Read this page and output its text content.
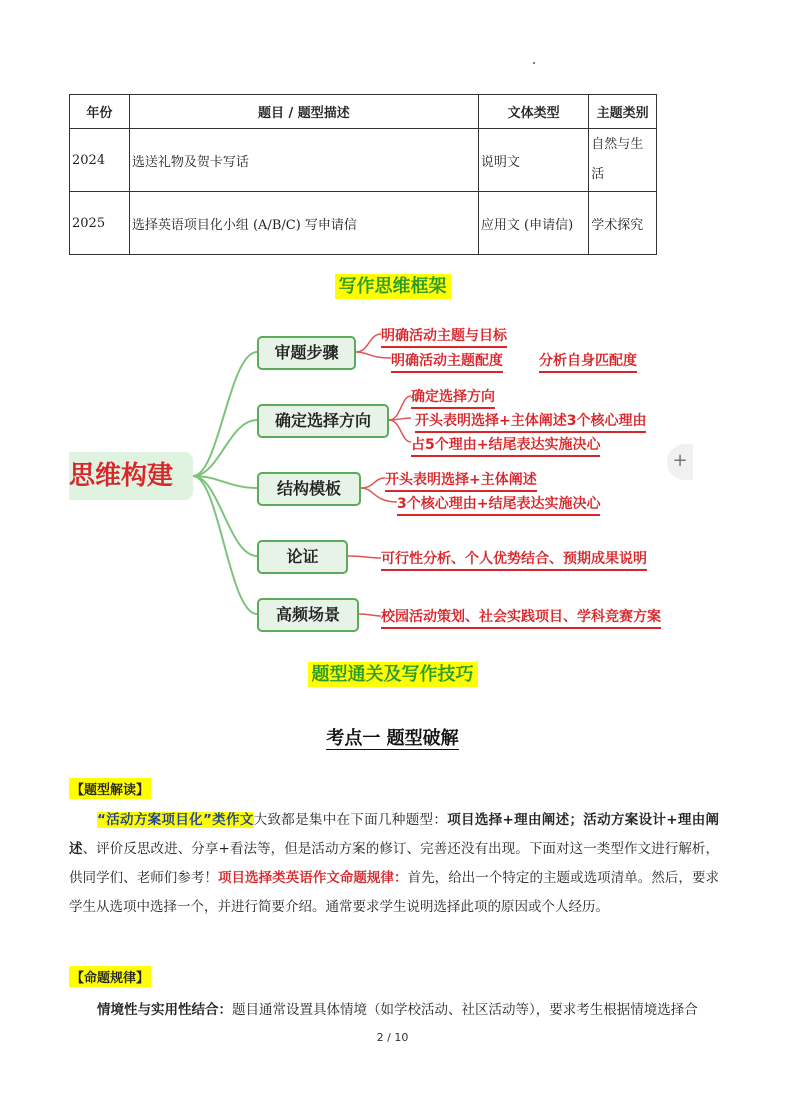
年份	题目 / 题型描述	文体类型	主题类别
2024	选送礼物及贺卡写话	说明文	自然与生活
2025	选择英语项目化小组 (A/B/C) 写申请信	应用文 (申请信)	学术探究
写作思维框架
思维构建
审题步骤
明确活动主题与目标
明确活动主题配度	分析自身匹配度
确定选择方向
确定选择方向
开头表明选择+主体阐述3个核心理由
占5个理由+结尾表达实施决心
结构模板	开头表明选择+主体阐述
3个核心理由+结尾表达实施决心
论证	可行性分析、个人优势结合、预期成果说明
高频场景	校园活动策划、社会实践项目、学科竞赛方案
+
题型通关及写作技巧
考点一 题型破解
【题型解读】
“活动方案项目化”类作文大致都是集中在下面几种题型：项目选择+理由阐述；活动方案设计+理由阐述、评价反思改进、分享+看法等，但是活动方案的修订、完善还没有出现。下面对这一类型作文进行解析，供同学们、老师们参考！项目选择类英语作文命题规律：首先，给出一个特定的主题或选项清单。然后，要求学生从选项中选择一个，并进行简要介绍。通常要求学生说明选择此项的原因或个人经历。
【命题规律】
情境性与实用性结合：题目通常设置具体情境（如学校活动、社区活动等），要求考生根据情境选择合
2 / 10
